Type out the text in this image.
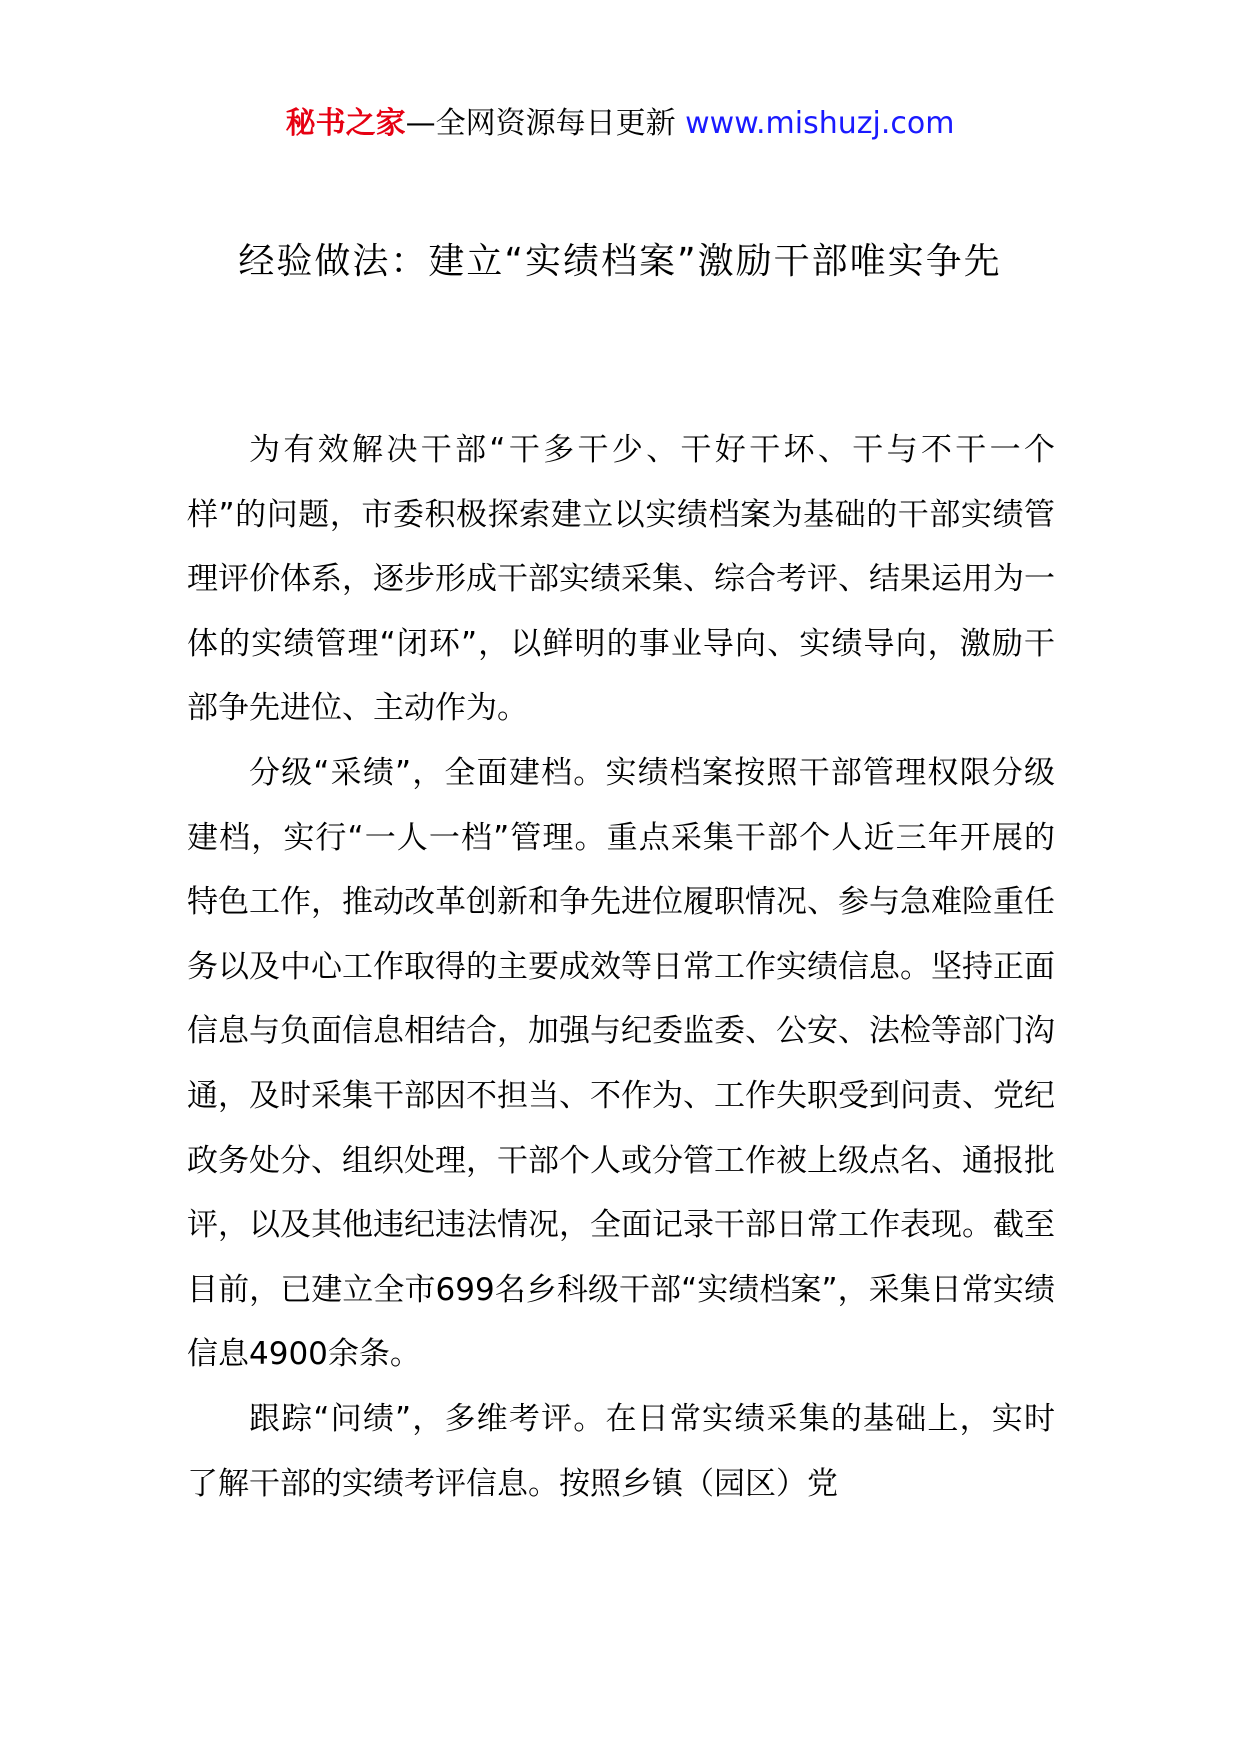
秘书之家—全网资源每日更新 www.mishuzj.com
经验做法：建立“实绩档案”激励干部唯实争先

为有效解决干部“干多干少、干好干坏、干与不干一个样”的问题，市委积极探索建立以实绩档案为基础的干部实绩管理评价体系，逐步形成干部实绩采集、综合考评、结果运用为一体的实绩管理“闭环”，以鲜明的事业导向、实绩导向，激励干部争先进位、主动作为。

分级“采绩”，全面建档。实绩档案按照干部管理权限分级建档，实行“一人一档”管理。重点采集干部个人近三年开展的特色工作，推动改革创新和争先进位履职情况、参与急难险重任务以及中心工作取得的主要成效等日常工作实绩信息。坚持正面信息与负面信息相结合，加强与纪委监委、公安、法检等部门沟通，及时采集干部因不担当、不作为、工作失职受到问责、党纪政务处分、组织处理，干部个人或分管工作被上级点名、通报批评，以及其他违纪违法情况，全面记录干部日常工作表现。截至目前，已建立全市699名乡科级干部“实绩档案”，采集日常实绩信息4900余条。

跟踪“问绩”，多维考评。在日常实绩采集的基础上，实时了解干部的实绩考评信息。按照乡镇（园区）党
